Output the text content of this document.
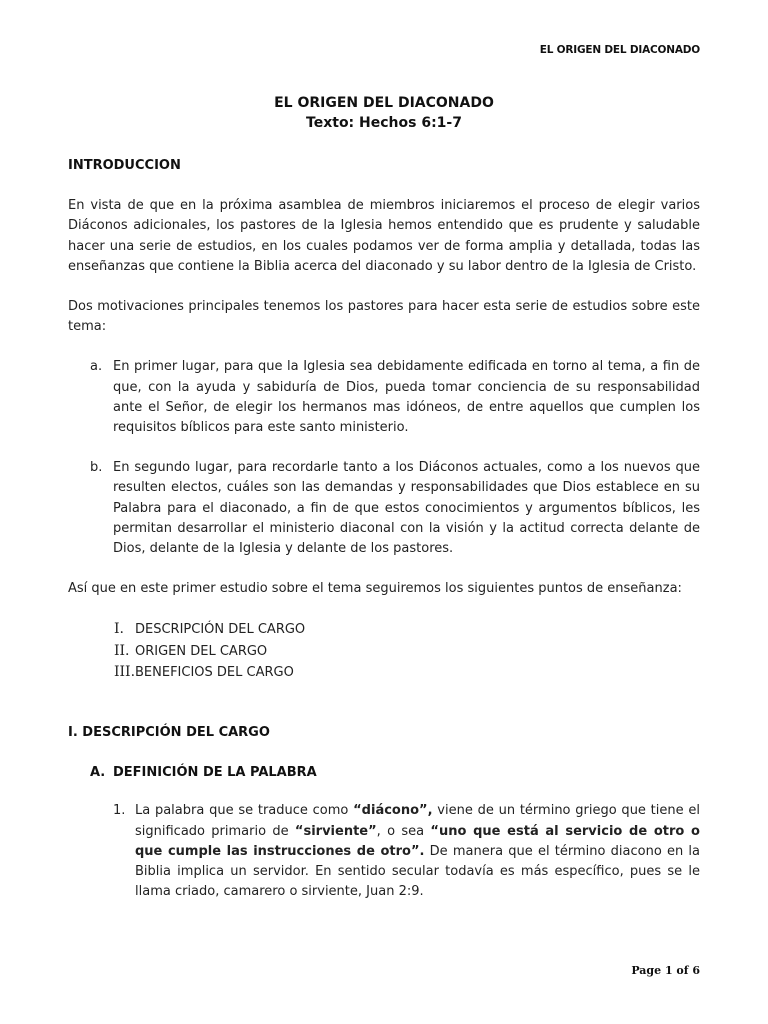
EL ORIGEN DEL DIACONADO
EL ORIGEN DEL DIACONADO
Texto: Hechos 6:1-7
INTRODUCCION

En vista de que en la próxima asamblea de miembros iniciaremos el proceso de elegir varios Diáconos adicionales, los pastores de la Iglesia hemos entendido que es prudente y saludable hacer una serie de estudios, en los cuales podamos ver de forma amplia y detallada, todas las enseñanzas que contiene la Biblia acerca del diaconado y su labor dentro de la Iglesia de Cristo.

Dos motivaciones principales tenemos los pastores para hacer esta serie de estudios sobre este tema:

a. En primer lugar, para que la Iglesia sea debidamente edificada en torno al tema, a fin de que, con la ayuda y sabiduría de Dios, pueda tomar conciencia de su responsabilidad ante el Señor, de elegir los hermanos mas idóneos, de entre aquellos que cumplen los requisitos bíblicos para este santo ministerio.
b. En segundo lugar, para recordarle tanto a los Diáconos actuales, como a los nuevos que resulten electos, cuáles son las demandas y responsabilidades que Dios establece en su Palabra para el diaconado, a fin de que estos conocimientos y argumentos bíblicos, les permitan desarrollar el ministerio diaconal con la visión y la actitud correcta delante de Dios, delante de la Iglesia y delante de los pastores.

Así que en este primer estudio sobre el tema seguiremos los siguientes puntos de enseñanza:

I. DESCRIPCIÓN DEL CARGO
II. ORIGEN DEL CARGO
III. BENEFICIOS DEL CARGO
I. DESCRIPCIÓN DEL CARGO
A. DEFINICIÓN DE LA PALABRA
1. La palabra que se traduce como “diácono”, viene de un término griego que tiene el significado primario de “sirviente”, o sea “uno que está al servicio de otro o que cumple las instrucciones de otro”. De manera que el término diacono en la Biblia implica un servidor. En sentido secular todavía es más específico, pues se le llama criado, camarero o sirviente, Juan 2:9.
Page 1 of 6
